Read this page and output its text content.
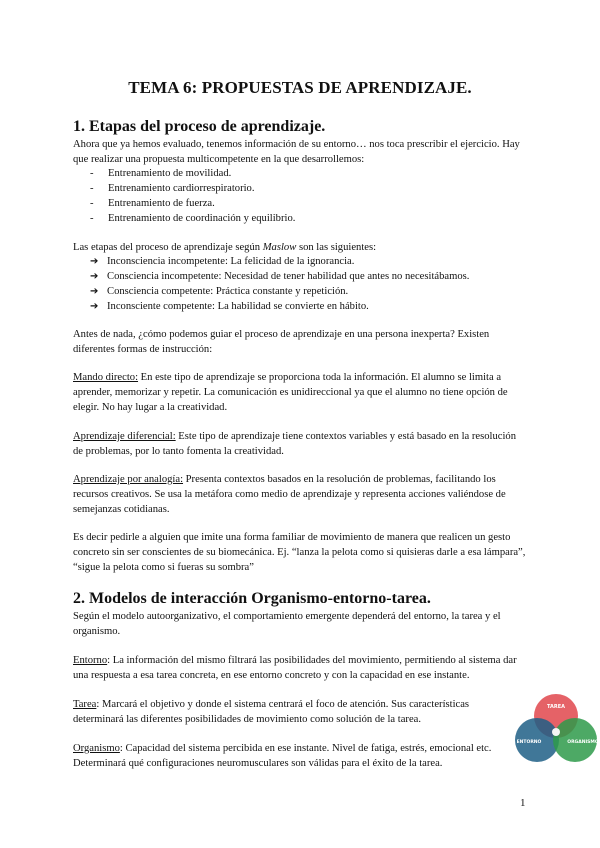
TEMA 6: PROPUESTAS DE APRENDIZAJE.
1. Etapas del proceso de aprendizaje.

Ahora que ya hemos evaluado, tenemos información de su entorno… nos toca prescribir el ejercicio. Hay que realizar una propuesta multicompetente en la que desarrollemos:

- Entrenamiento de movilidad.
- Entrenamiento cardiorrespiratorio.
- Entrenamiento de fuerza.
- Entrenamiento de coordinación y equilibrio.

Las etapas del proceso de aprendizaje según Maslow son las siguientes:

➔ Inconsciencia incompetente: La felicidad de la ignorancia.
➔ Consciencia incompetente: Necesidad de tener habilidad que antes no necesitábamos.
➔ Consciencia competente: Práctica constante y repetición.
➔ Inconsciente competente: La habilidad se convierte en hábito.

Antes de nada, ¿cómo podemos guiar el proceso de aprendizaje en una persona inexperta? Existen diferentes formas de instrucción:

Mando directo: En este tipo de aprendizaje se proporciona toda la información. El alumno se limita a aprender, memorizar y repetir. La comunicación es unidireccional ya que el alumno no tiene opción de elegir. No hay lugar a la creatividad.

Aprendizaje diferencial: Este tipo de aprendizaje tiene contextos variables y está basado en la resolución de problemas, por lo tanto fomenta la creatividad.

Aprendizaje por analogía: Presenta contextos basados en la resolución de problemas, facilitando los recursos creativos. Se usa la metáfora como medio de aprendizaje y representa acciones valiéndose de semejanzas cotidianas.

Es decir pedirle a alguien que imite una forma familiar de movimiento de manera que realicen un gesto concreto sin ser conscientes de su biomecánica. Ej. “lanza la pelota como si quisieras darle a esa lámpara”, “sigue la pelota como si fueras su sombra”

2. Modelos de interacción Organismo-entorno-tarea.

Según el modelo autoorganizativo, el comportamiento emergente dependerá del entorno, la tarea y el organismo.

Entorno: La información del mismo filtrará las posibilidades del movimiento, permitiendo al sistema dar una respuesta a esa tarea concreta, en ese entorno concreto y con la capacidad en ese instante.

Tarea: Marcará el objetivo y donde el sistema centrará el foco de atención. Sus características determinará las diferentes posibilidades de movimiento como solución de la tarea.

Organismo: Capacidad del sistema percibida en ese instante. Nivel de fatiga, estrés, emocional etc. Determinará qué configuraciones neuromusculares son válidas para el éxito de la tarea.

TAREA
ENTORNO	ORGANISMO
1
